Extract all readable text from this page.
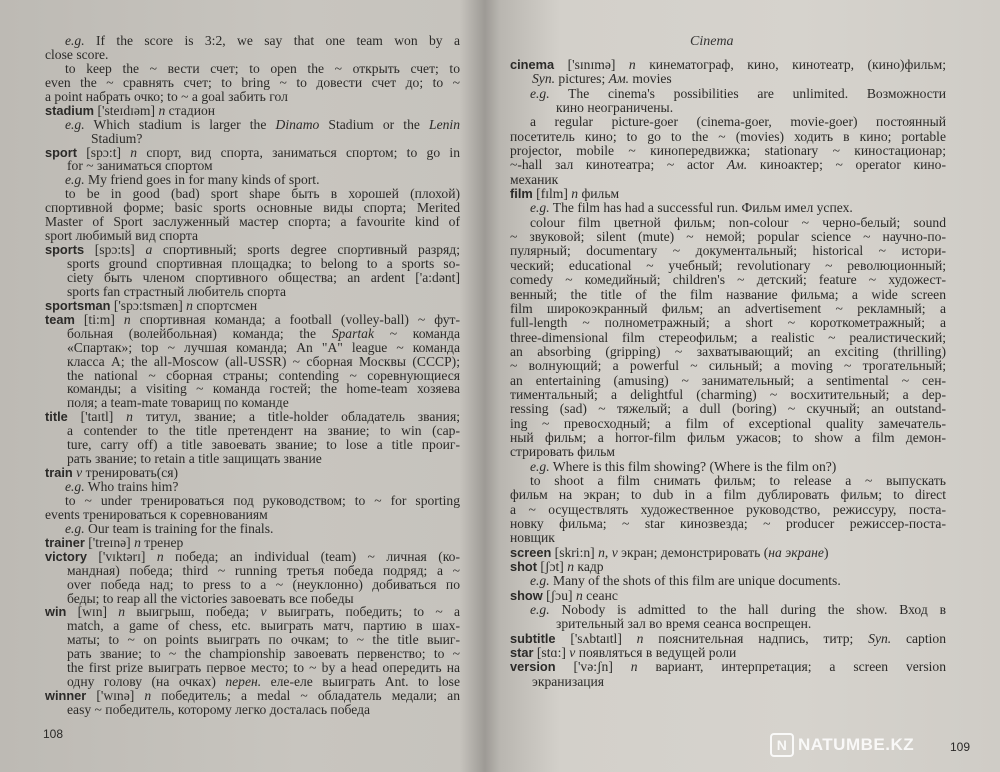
e.g. If the score is 3:2, we say that one team won by a
close score.
to keep the ~ вести счет; to open the ~ открыть счет; to
even the ~ сравнять счет; to bring ~ to довести счет до; to ~
a point набрать очко; to ~ a goal забить гол
stadium ['steɪdɪəm] n стадион
e.g. Which stadium is larger the Dinamo Stadium or the Lenin
Stadium?
sport [spɔ:t] n спорт, вид спорта, заниматься спортом; to go in
for ~ заниматься спортом
e.g. My friend goes in for many kinds of sport.
to be in good (bad) sport shape быть в хорошей (плохой)
спортивной форме; basic sports основные виды спорта; Merited
Master of Sport заслуженный мастер спорта; a favourite kind of
sport любимый вид спорта
sports [spɔ:ts] a спортивный; sports degree спортивный разряд;
sports ground спортивная площадка; to belong to a sports so-
ciety быть членом спортивного общества; an ardent ['a:dənt]
sports fan страстный любитель спорта
sportsman ['spɔ:tsmæn] n спортсмен
team [ti:m] n спортивная команда; a football (volley-ball) ~ фут-
больная (волейбольная) команда; the Spartak ~ команда
«Спартак»; top ~ лучшая команда; An "A" league ~ команда
класса A; the all-Moscow (all-USSR) ~ сборная Москвы (СССР);
the national ~ сборная страны; contending ~ соревнующиеся
команды; a visiting ~ команда гостей; the home-team хозяева
поля; a team-mate товарищ по команде
title ['taɪtl] n титул, звание; a title-holder обладатель звания;
a contender to the title претендент на звание; to win (cap-
ture, carry off) a title завоевать звание; to lose a title проиг-
рать звание; to retain a title защищать звание
train v тренировать(ся)
e.g. Who trains him?
to ~ under тренироваться под руководством; to ~ for sporting
events тренироваться к соревнованиям
e.g. Our team is training for the finals.
trainer ['treɪnə] n тренер
victory ['vɪktərɪ] n победа; an individual (team) ~ личная (ко-
мандная) победа; third ~ running третья победа подряд; a ~
over победа над; to press to a ~ (неуклонно) добиваться по
беды; to reap all the victories завоевать все победы
win [wɪn] n выигрыш, победа; v выиграть, победить; to ~ a
match, a game of chess, etc. выиграть матч, партию в шах-
маты; to ~ on points выиграть по очкам; to ~ the title выиг-
рать звание; to ~ the championship завоевать первенство; to ~
the first prize выиграть первое место; to ~ by a head опередить на
одну голову (на очках) перен. еле-еле выиграть Ant. to lose
winner ['wɪnə] n победитель; a medal ~ обладатель медали; an
easy ~ победитель, которому легко досталась победа
Cinema
cinema ['sɪnɪmə] n кинематограф, кино, кинотеатр, (кино)фильм;
Syn. pictures; Ам. movies
e.g. The cinema's possibilities are unlimited. Возможности
кино неограничены.
a regular picture-goer (cinema-goer, movie-goer) постоянный
посетитель кино; to go to the ~ (movies) ходить в кино; portable
projector, mobile ~ кинопередвижка; stationary ~ киностационар;
~-hall зал кинотеатра; ~ actor Ам. киноактер; ~ operator кино-
механик
film [fɪlm] n фильм
e.g. The film has had a successful run. Фильм имел успех.
colour film цветной фильм; non-colour ~ черно-белый; sound
~ звуковой; silent (mute) ~ немой; popular science ~ научно-по-
пулярный; documentary ~ документальный; historical ~ истори-
ческий; educational ~ учебный; revolutionary ~ революционный;
comedy ~ комедийный; children's ~ детский; feature ~ художест-
венный; the title of the film название фильма; a wide screen
film широкоэкранный фильм; an advertisement ~ рекламный; a
full-length ~ полнометражный; a short ~ короткометражный; a
three-dimensional film стереофильм; a realistic ~ реалистический;
an absorbing (gripping) ~ захватывающий; an exciting (thrilling)
~ волнующий; a powerful ~ сильный; a moving ~ трогательный;
an entertaining (amusing) ~ занимательный; a sentimental ~ сен-
тиментальный; a delightful (charming) ~ восхитительный; a dep-
ressing (sad) ~ тяжелый; a dull (boring) ~ скучный; an outstand-
ing ~ превосходный; a film of exceptional quality замечатель-
ный фильм; a horror-film фильм ужасов; to show a film демон-
стрировать фильм
e.g. Where is this film showing? (Where is the film on?)
to shoot a film снимать фильм; to release a ~ выпускать
фильм на экран; to dub in a film дублировать фильм; to direct
a ~ осуществлять художественное руководство, режиссуру, поста-
новку фильма; ~ star кинозвезда; ~ producer режиссер-поста-
новщик
screen [skri:n] n, v экран; демонстрировать (на экране)
shot [ʃɔt] n кадр
e.g. Many of the shots of this film are unique documents.
show [ʃɔu] n сеанс
e.g. Nobody is admitted to the hall during the show. Вход в
зрительный зал во время сеанса воспрещен.
subtitle ['sʌbtaɪtl] n пояснительная надпись, титр; Syn. caption
star [stɑ:] v появляться в ведущей роли
version ['və:ʃn] n вариант, интерпретация; a screen version
экранизация
108
109
N NATUMBE.KZ
